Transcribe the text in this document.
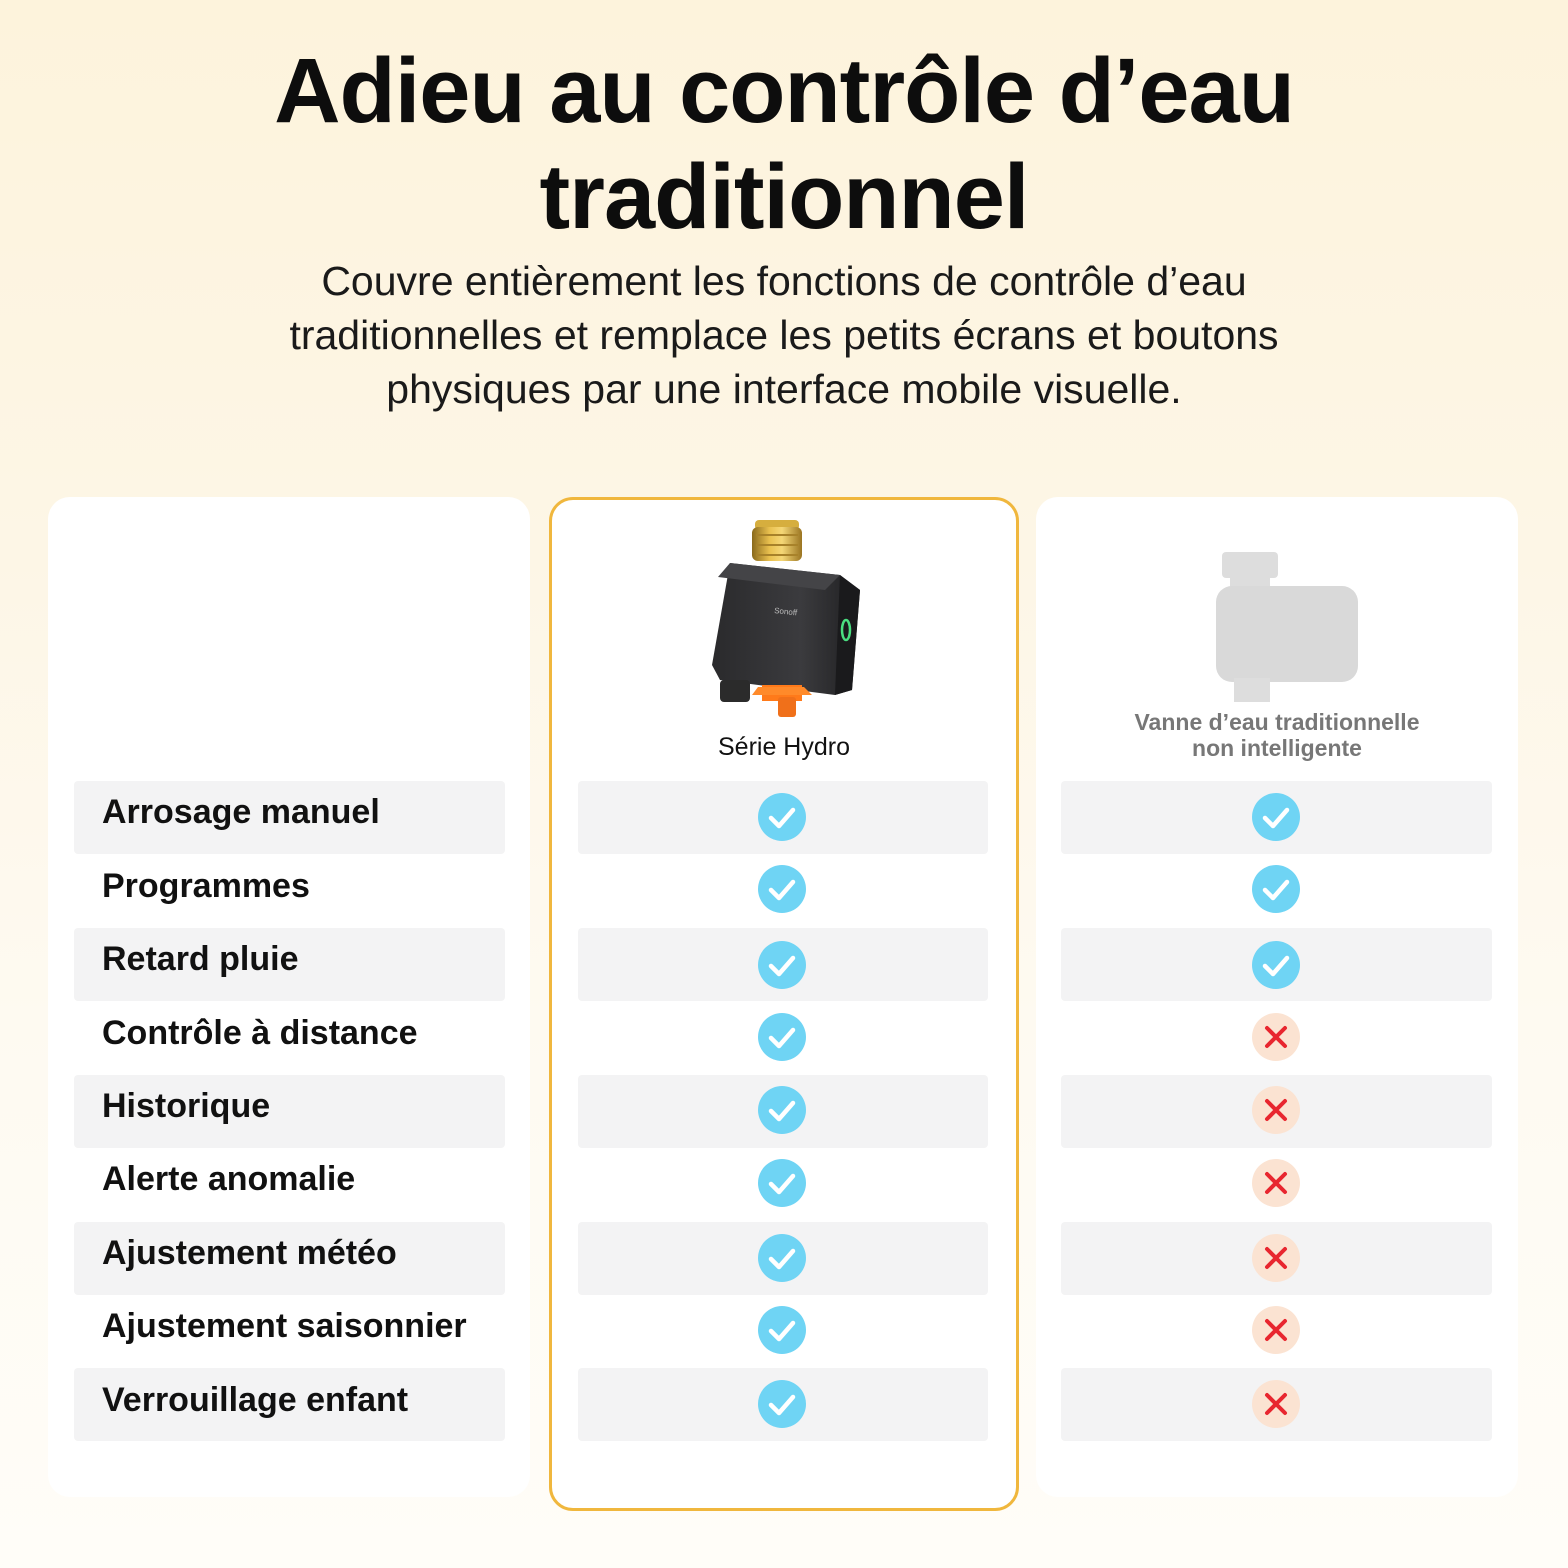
Adieu au contrôle d’eau
traditionnel
Couvre entièrement les fonctions de contrôle d’eau
traditionnelles et remplace les petits écrans et boutons
physiques par une interface mobile visuelle.
Sonoff
Série Hydro
Vanne d’eau traditionnelle
non intelligente
Arrosage manuel
Programmes
Retard pluie
Contrôle à distance
Historique
Alerte anomalie
Ajustement météo
Ajustement saisonnier
Verrouillage enfant
